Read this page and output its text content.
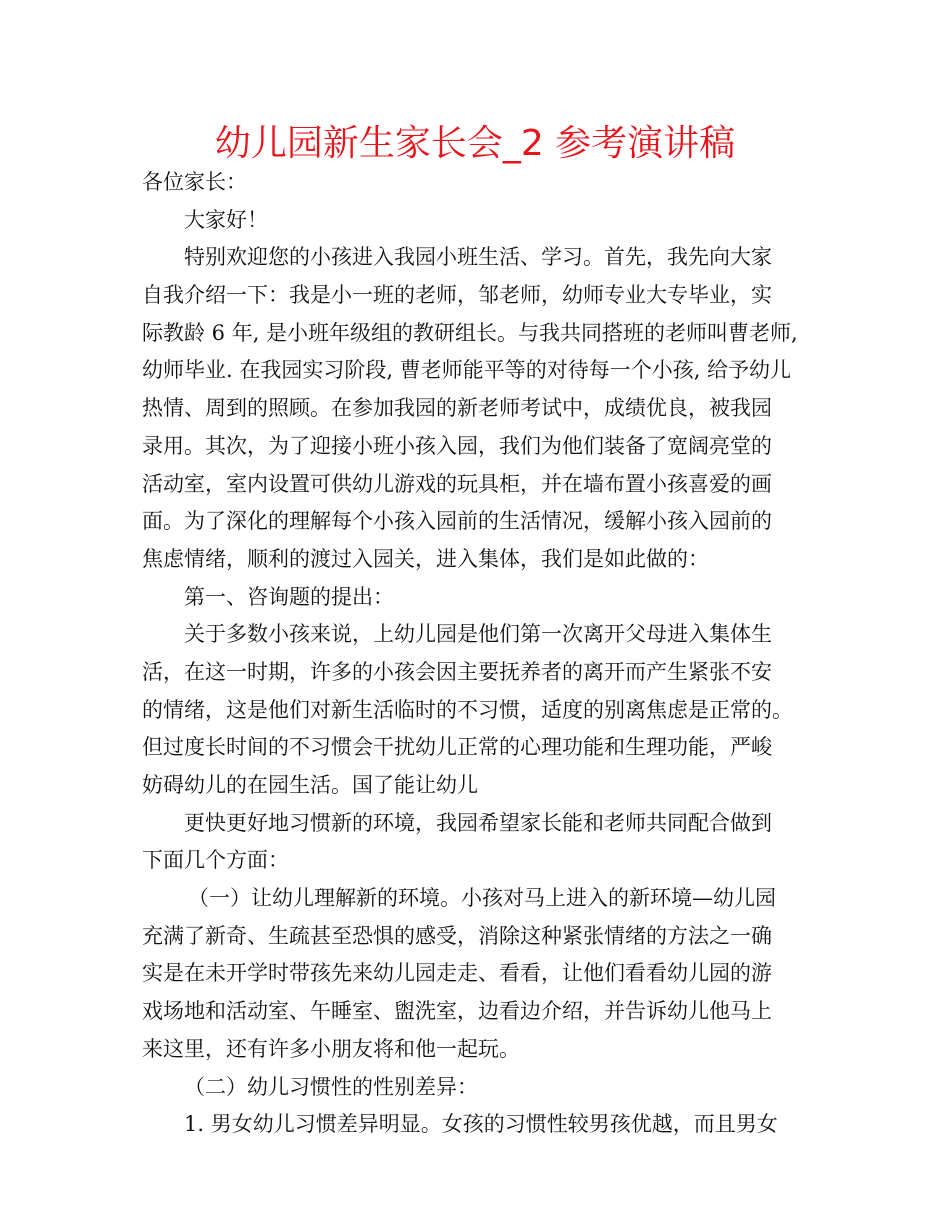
幼儿园新生家长会_2 参考演讲稿
各位家长：
大家好！
特别欢迎您的小孩进入我园小班生活、学习。首先，我先向大家
自我介绍一下：我是小一班的老师，邹老师，幼师专业大专毕业，实
际教龄 6 年, 是小班年级组的教研组长。与我共同搭班的老师叫曹老师,
幼师毕业. 在我园实习阶段, 曹老师能平等的对待每一个小孩, 给予幼儿
热情、周到的照顾。在参加我园的新老师考试中，成绩优良，被我园
录用。其次，为了迎接小班小孩入园，我们为他们装备了宽阔亮堂的
活动室，室内设置可供幼儿游戏的玩具柜，并在墙布置小孩喜爱的画
面。为了深化的理解每个小孩入园前的生活情况，缓解小孩入园前的
焦虑情绪，顺利的渡过入园关，进入集体，我们是如此做的：
第一、咨询题的提出：
关于多数小孩来说，上幼儿园是他们第一次离开父母进入集体生
活，在这一时期，许多的小孩会因主要抚养者的离开而产生紧张不安
的情绪，这是他们对新生活临时的不习惯，适度的别离焦虑是正常的。
但过度长时间的不习惯会干扰幼儿正常的心理功能和生理功能，严峻
妨碍幼儿的在园生活。国了能让幼儿
更快更好地习惯新的环境，我园希望家长能和老师共同配合做到
下面几个方面：
（一）让幼儿理解新的环境。小孩对马上进入的新环境—幼儿园
充满了新奇、生疏甚至恐惧的感受，消除这种紧张情绪的方法之一确
实是在未开学时带孩先来幼儿园走走、看看，让他们看看幼儿园的游
戏场地和活动室、午睡室、盥洗室，边看边介绍，并告诉幼儿他马上
来这里，还有许多小朋友将和他一起玩。
（二）幼儿习惯性的性别差异：
1. 男女幼儿习惯差异明显。女孩的习惯性较男孩优越，而且男女
